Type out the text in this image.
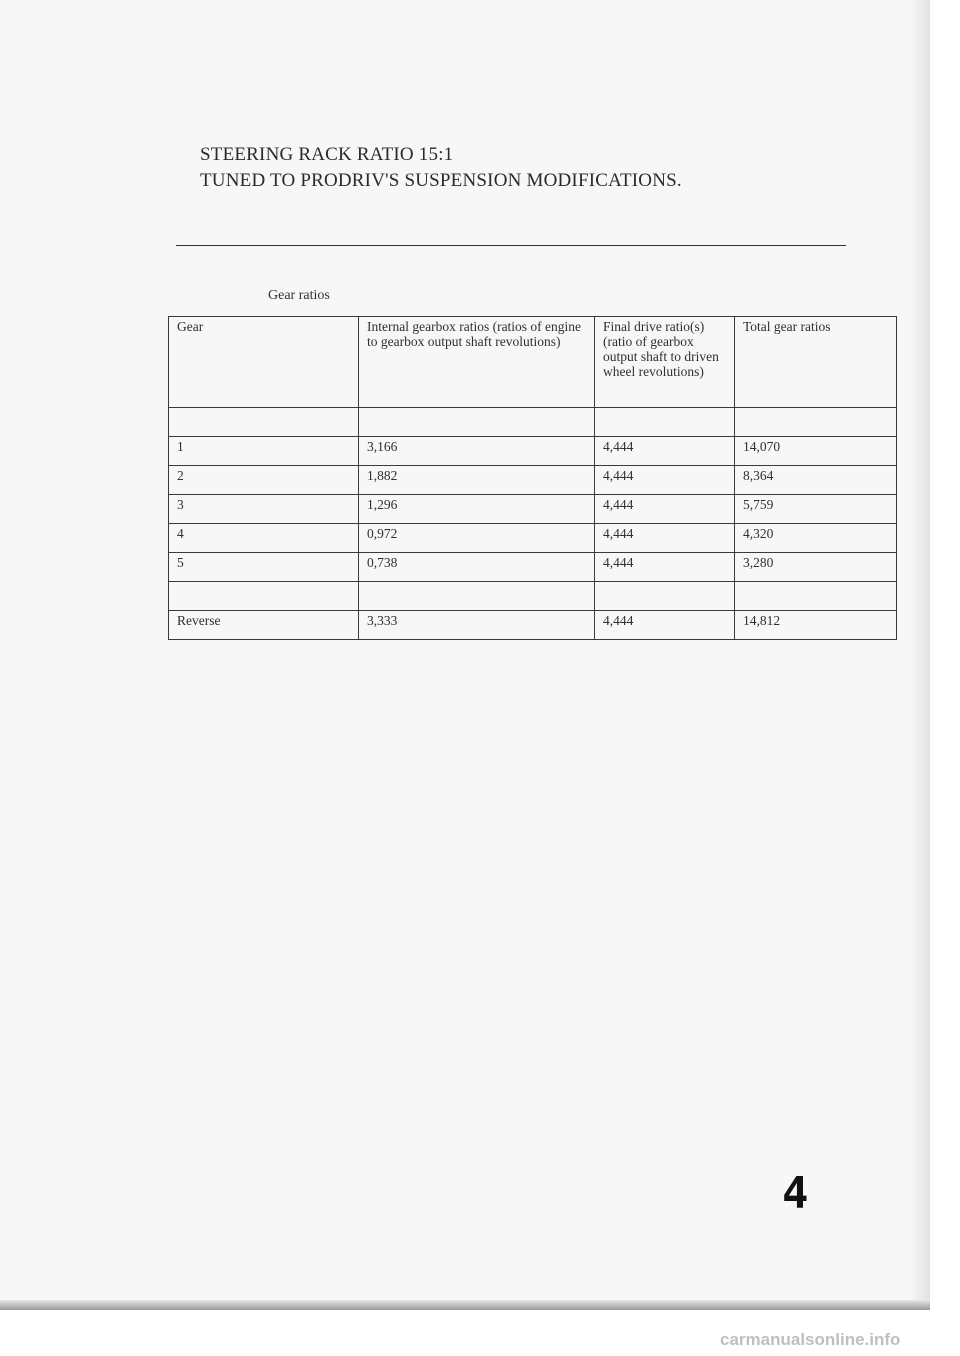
STEERING RACK RATIO 15:1
TUNED TO PRODRIV'S SUSPENSION MODIFICATIONS.
Gear ratios
Gear	Internal gearbox ratios (ratios of engine to gearbox output shaft revolutions)	Final drive ratio(s) (ratio of gearbox output shaft to driven wheel revolutions)	Total gear ratios

1	3,166	4,444	14,070
2	1,882	4,444	8,364
3	1,296	4,444	5,759
4	0,972	4,444	4,320
5	0,738	4,444	3,280

Reverse	3,333	4,444	14,812
4
carmanualsonline.info
